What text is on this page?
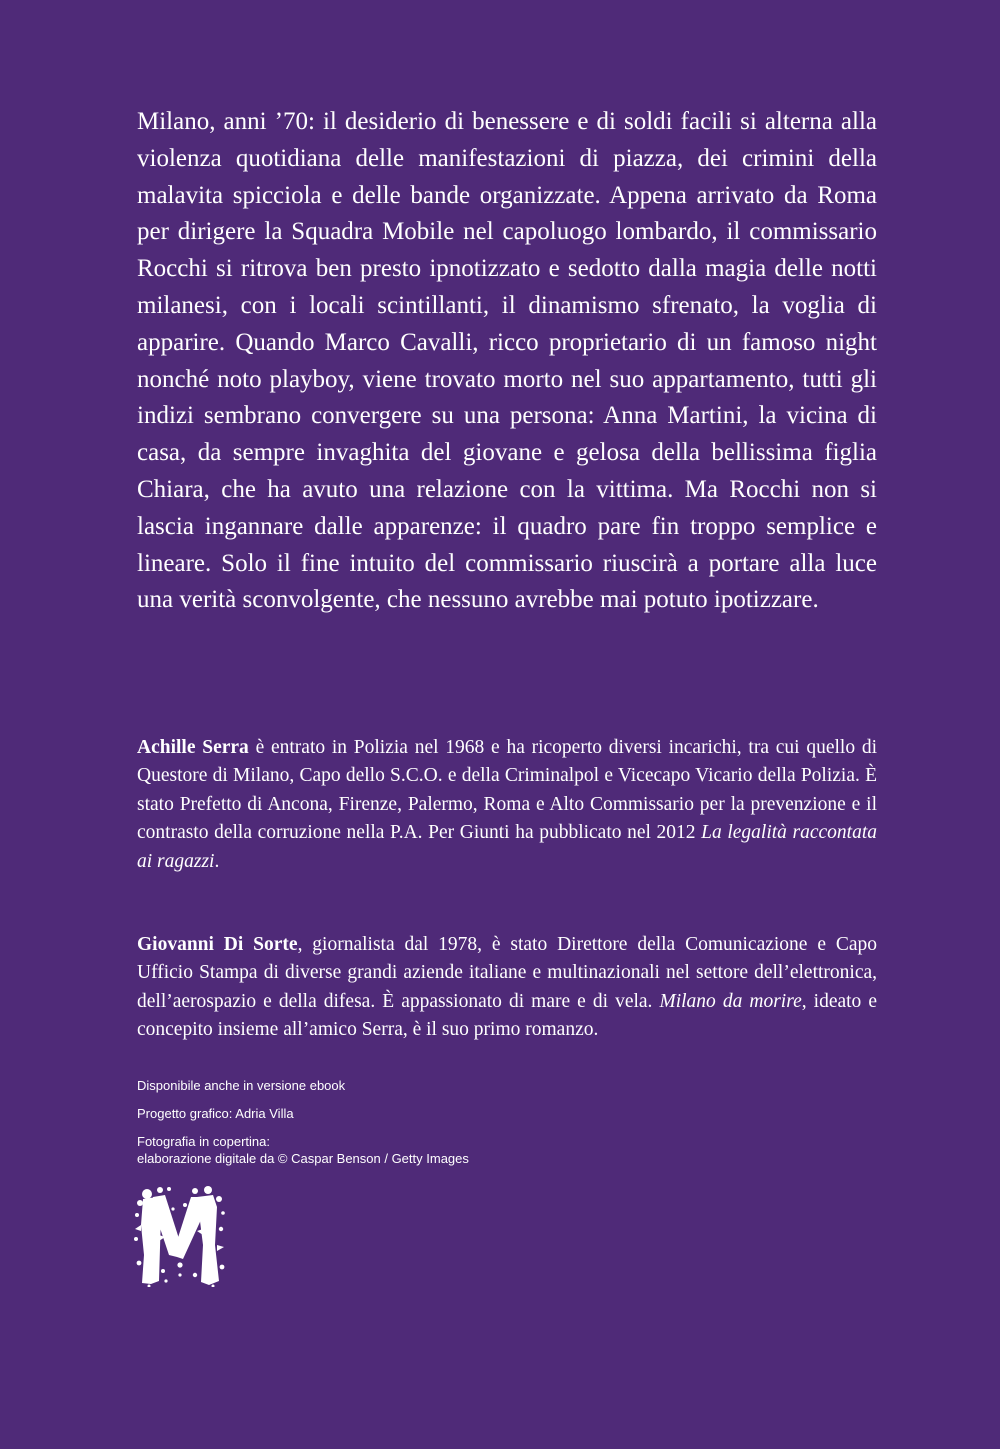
Milano, anni ’70: il desiderio di benessere e di soldi facili si alterna alla violenza quotidiana delle manifestazioni di piazza, dei crimini della malavita spicciola e delle bande organizzate. Appena arrivato da Roma per dirigere la Squadra Mobile nel capoluogo lombardo, il commissario Rocchi si ritrova ben presto ipnotizzato e sedotto dalla magia delle notti milanesi, con i locali scintillanti, il dinamismo sfrenato, la voglia di apparire. Quando Marco Cavalli, ricco proprietario di un famoso night nonché noto playboy, viene trovato morto nel suo appartamento, tutti gli indizi sembrano convergere su una persona: Anna Martini, la vicina di casa, da sempre invaghita del giovane e gelosa della bellissima figlia Chiara, che ha avuto una relazione con la vittima. Ma Rocchi non si lascia ingannare dalle apparenze: il quadro pare fin troppo semplice e lineare. Solo il fine intuito del commissario riuscirà a portare alla luce una verità sconvolgente, che nessuno avrebbe mai potuto ipotizzare.

Achille Serra è entrato in Polizia nel 1968 e ha ricoperto diversi incarichi, tra cui quello di Questore di Milano, Capo dello S.C.O. e della Criminalpol e Vicecapo Vicario della Polizia. È stato Prefetto di Ancona, Firenze, Palermo, Roma e Alto Commissario per la prevenzione e il contrasto della corruzione nella P.A. Per Giunti ha pubblicato nel 2012 La legalità raccontata ai ragazzi.

Giovanni Di Sorte, giornalista dal 1978, è stato Direttore della Comunicazione e Capo Ufficio Stampa di diverse grandi aziende italiane e multinazionali nel settore dell’elettronica, dell’aerospazio e della difesa. È appassionato di mare e di vela. Milano da morire, ideato e concepito insieme all’amico Serra, è il suo primo romanzo.

Disponibile anche in versione ebook

Progetto grafico: Adria Villa

Fotografia in copertina:
elaborazione digitale da © Caspar Benson / Getty Images
